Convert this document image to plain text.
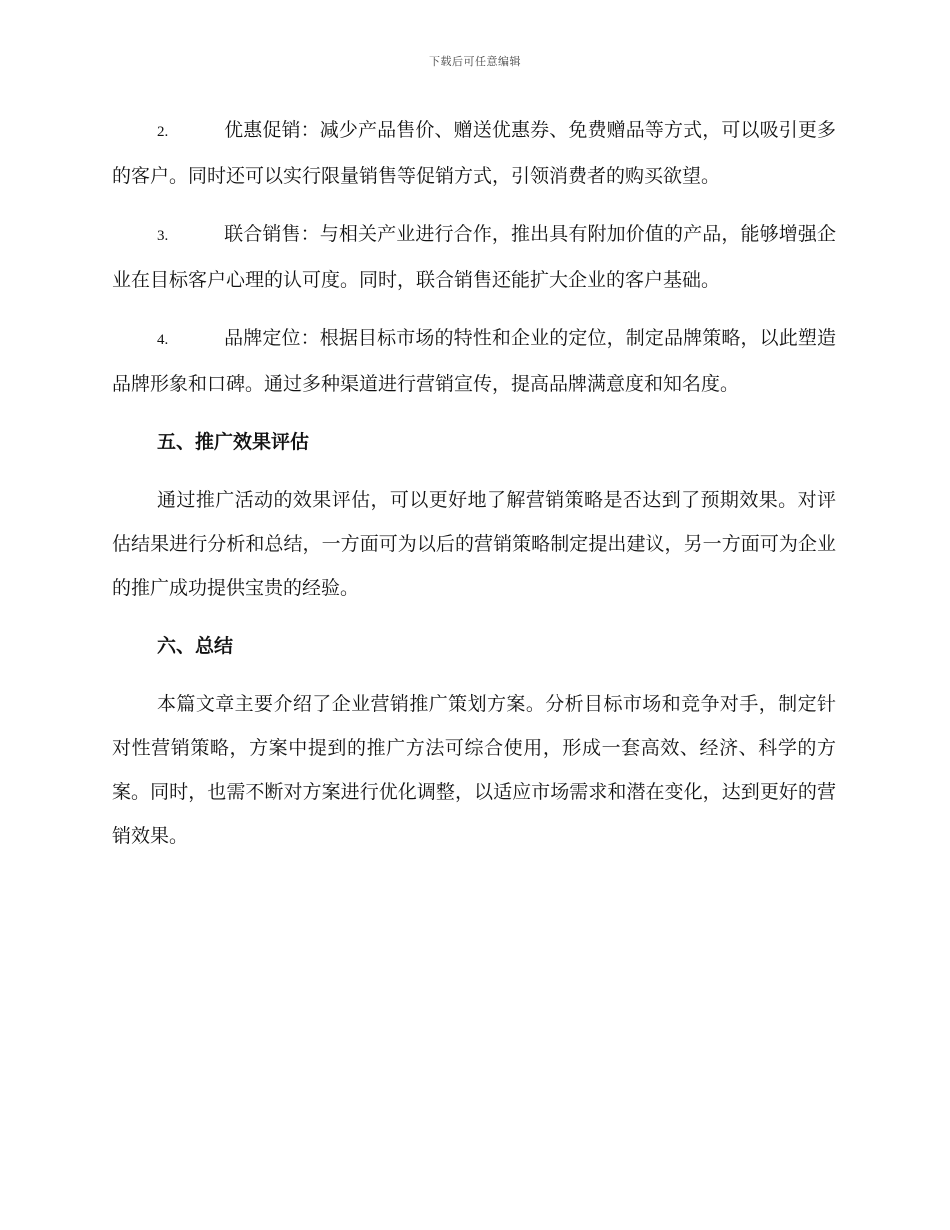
下载后可任意编辑

2.	优惠促销：减少产品售价、赠送优惠券、免费赠品等方式，可以吸引更多的客户。同时还可以实行限量销售等促销方式，引领消费者的购买欲望。

3.	联合销售：与相关产业进行合作，推出具有附加价值的产品，能够增强企业在目标客户心理的认可度。同时，联合销售还能扩大企业的客户基础。

4.	品牌定位：根据目标市场的特性和企业的定位，制定品牌策略，以此塑造品牌形象和口碑。通过多种渠道进行营销宣传，提高品牌满意度和知名度。

五、推广效果评估

通过推广活动的效果评估，可以更好地了解营销策略是否达到了预期效果。对评估结果进行分析和总结，一方面可为以后的营销策略制定提出建议，另一方面可为企业的推广成功提供宝贵的经验。

六、总结

本篇文章主要介绍了企业营销推广策划方案。分析目标市场和竞争对手，制定针对性营销策略，方案中提到的推广方法可综合使用，形成一套高效、经济、科学的方案。同时，也需不断对方案进行优化调整，以适应市场需求和潜在变化，达到更好的营销效果。
